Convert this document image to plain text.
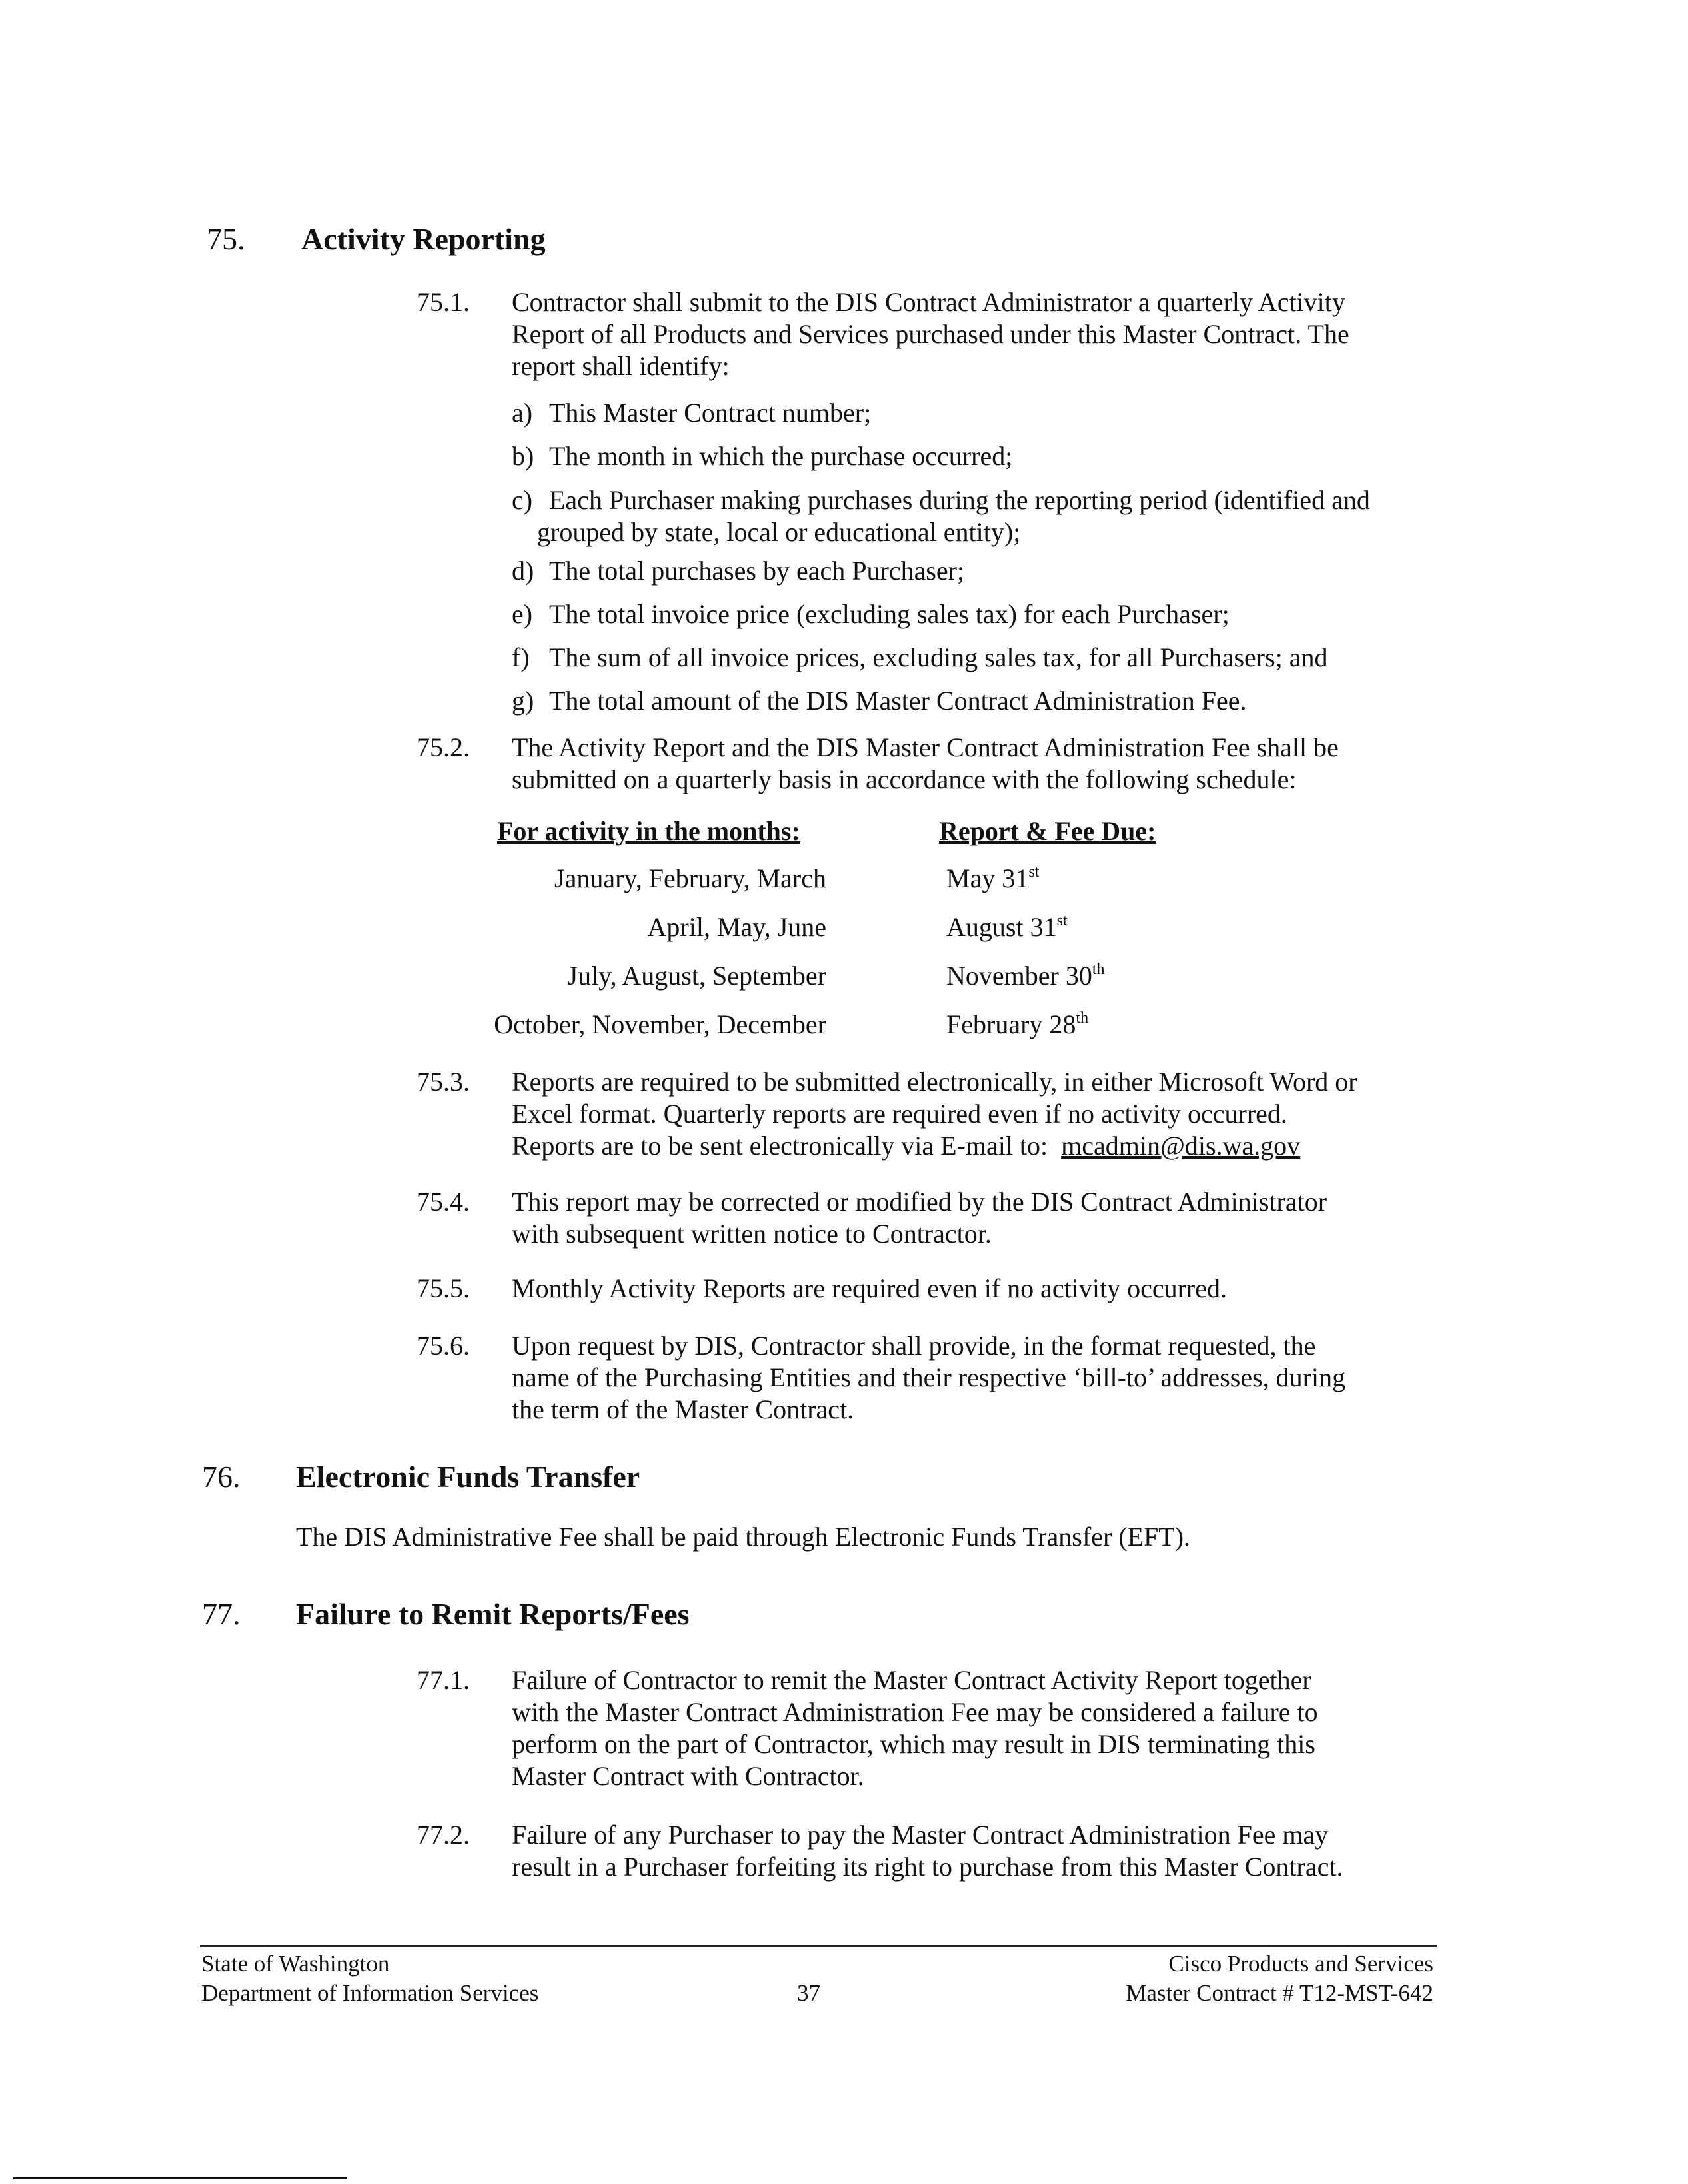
75. Activity Reporting
75.1. Contractor shall submit to the DIS Contract Administrator a quarterly Activity
Report of all Products and Services purchased under this Master Contract. The
report shall identify:
a) This Master Contract number;
b) The month in which the purchase occurred;
c) Each Purchaser making purchases during the reporting period (identified and
grouped by state, local or educational entity);
d) The total purchases by each Purchaser;
e) The total invoice price (excluding sales tax) for each Purchaser;
f) The sum of all invoice prices, excluding sales tax, for all Purchasers; and
g) The total amount of the DIS Master Contract Administration Fee.
75.2. The Activity Report and the DIS Master Contract Administration Fee shall be
submitted on a quarterly basis in accordance with the following schedule:
For activity in the months:	Report & Fee Due:
January, February, March	May 31st
April, May, June	August 31st
July, August, September	November 30th
October, November, December	February 28th
75.3. Reports are required to be submitted electronically, in either Microsoft Word or
Excel format. Quarterly reports are required even if no activity occurred.
Reports are to be sent electronically via E-mail to:  mcadmin@dis.wa.gov
75.4. This report may be corrected or modified by the DIS Contract Administrator
with subsequent written notice to Contractor.
75.5. Monthly Activity Reports are required even if no activity occurred.
75.6. Upon request by DIS, Contractor shall provide, in the format requested, the
name of the Purchasing Entities and their respective ‘bill-to’ addresses, during
the term of the Master Contract.
76. Electronic Funds Transfer
The DIS Administrative Fee shall be paid through Electronic Funds Transfer (EFT).
77. Failure to Remit Reports/Fees
77.1. Failure of Contractor to remit the Master Contract Activity Report together
with the Master Contract Administration Fee may be considered a failure to
perform on the part of Contractor, which may result in DIS terminating this
Master Contract with Contractor.
77.2. Failure of any Purchaser to pay the Master Contract Administration Fee may
result in a Purchaser forfeiting its right to purchase from this Master Contract.
State of Washington
Department of Information Services	37
Cisco Products and Services
Master Contract # T12-MST-642
